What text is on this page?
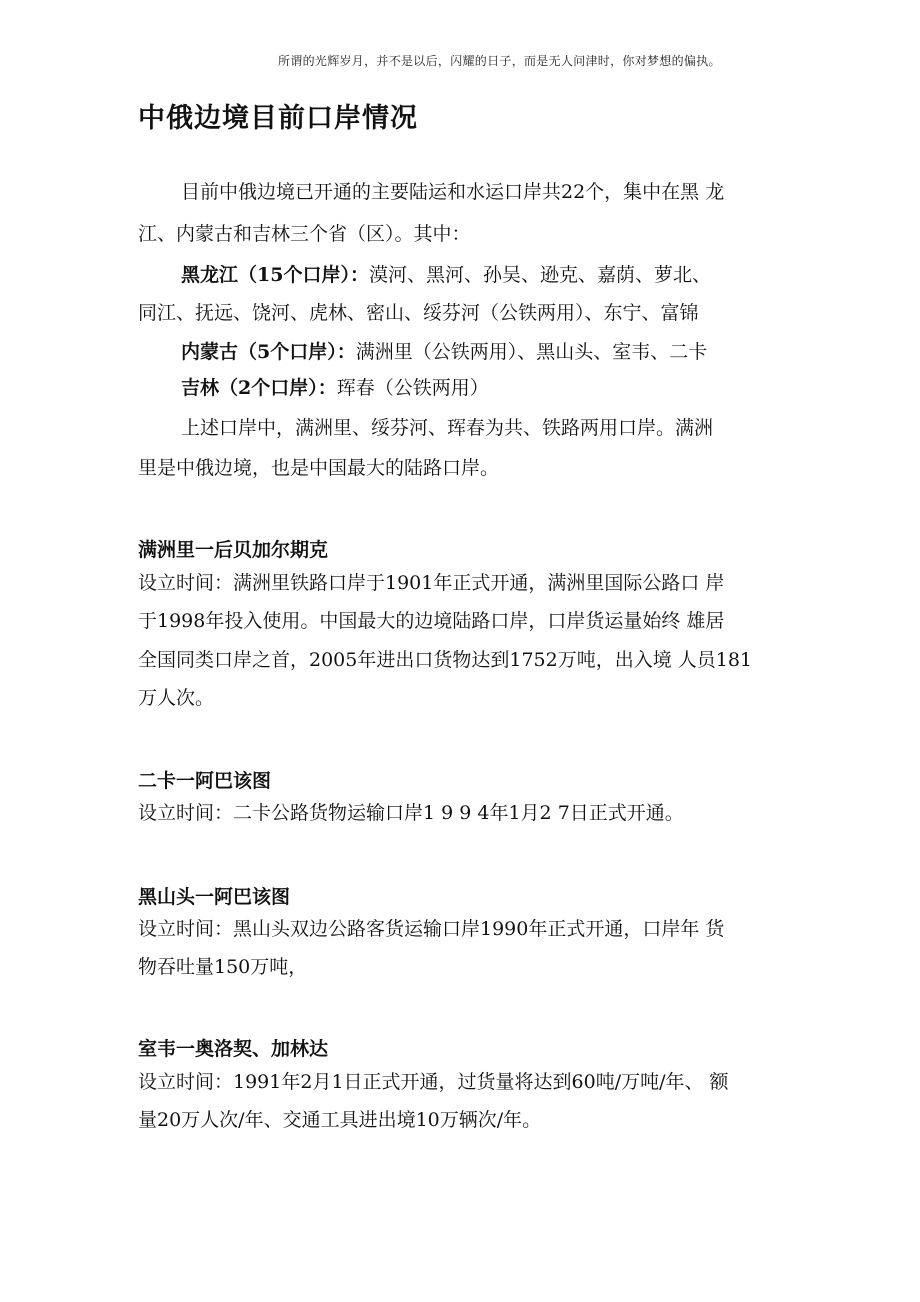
所谓的光辉岁月，并不是以后，闪耀的日子，而是无人问津时，你对梦想的偏执。
中俄边境目前口岸情况
目前中俄边境已开通的主要陆运和水运口岸共22个，集中在黑 龙
江、内蒙古和吉林三个省（区）。其中：
黑龙江（15个口岸）：漠河、黑河、孙吴、逊克、嘉荫、萝北、
同江、抚远、饶河、虎林、密山、绥芬河（公铁两用）、东宁、富锦
内蒙古（5个口岸）：满洲里（公铁两用）、黑山头、室韦、二卡
吉林（2个口岸）：珲春（公铁两用）
上述口岸中，满洲里、绥芬河、珲春为共、铁路两用口岸。满洲
里是中俄边境，也是中国最大的陆路口岸。
满洲里一后贝加尔期克
设立时间：满洲里铁路口岸于1901年正式开通，满洲里国际公路口 岸
于1998年投入使用。中国最大的边境陆路口岸，口岸货运量始终 雄居
全国同类口岸之首，2005年进出口货物达到1752万吨，出入境 人员181
万人次。
二卡一阿巴该图
设立时间：二卡公路货物运输口岸1 9 9 4年1月2 7日正式开通。
黑山头一阿巴该图
设立时间：黑山头双边公路客货运输口岸1990年正式开通，口岸年 货
物吞吐量150万吨，
室韦一奥洛契、加林达
设立时间：1991年2月1日正式开通，过货量将达到60吨/万吨/年、 额
量20万人次/年、交通工具进出境10万辆次/年。
